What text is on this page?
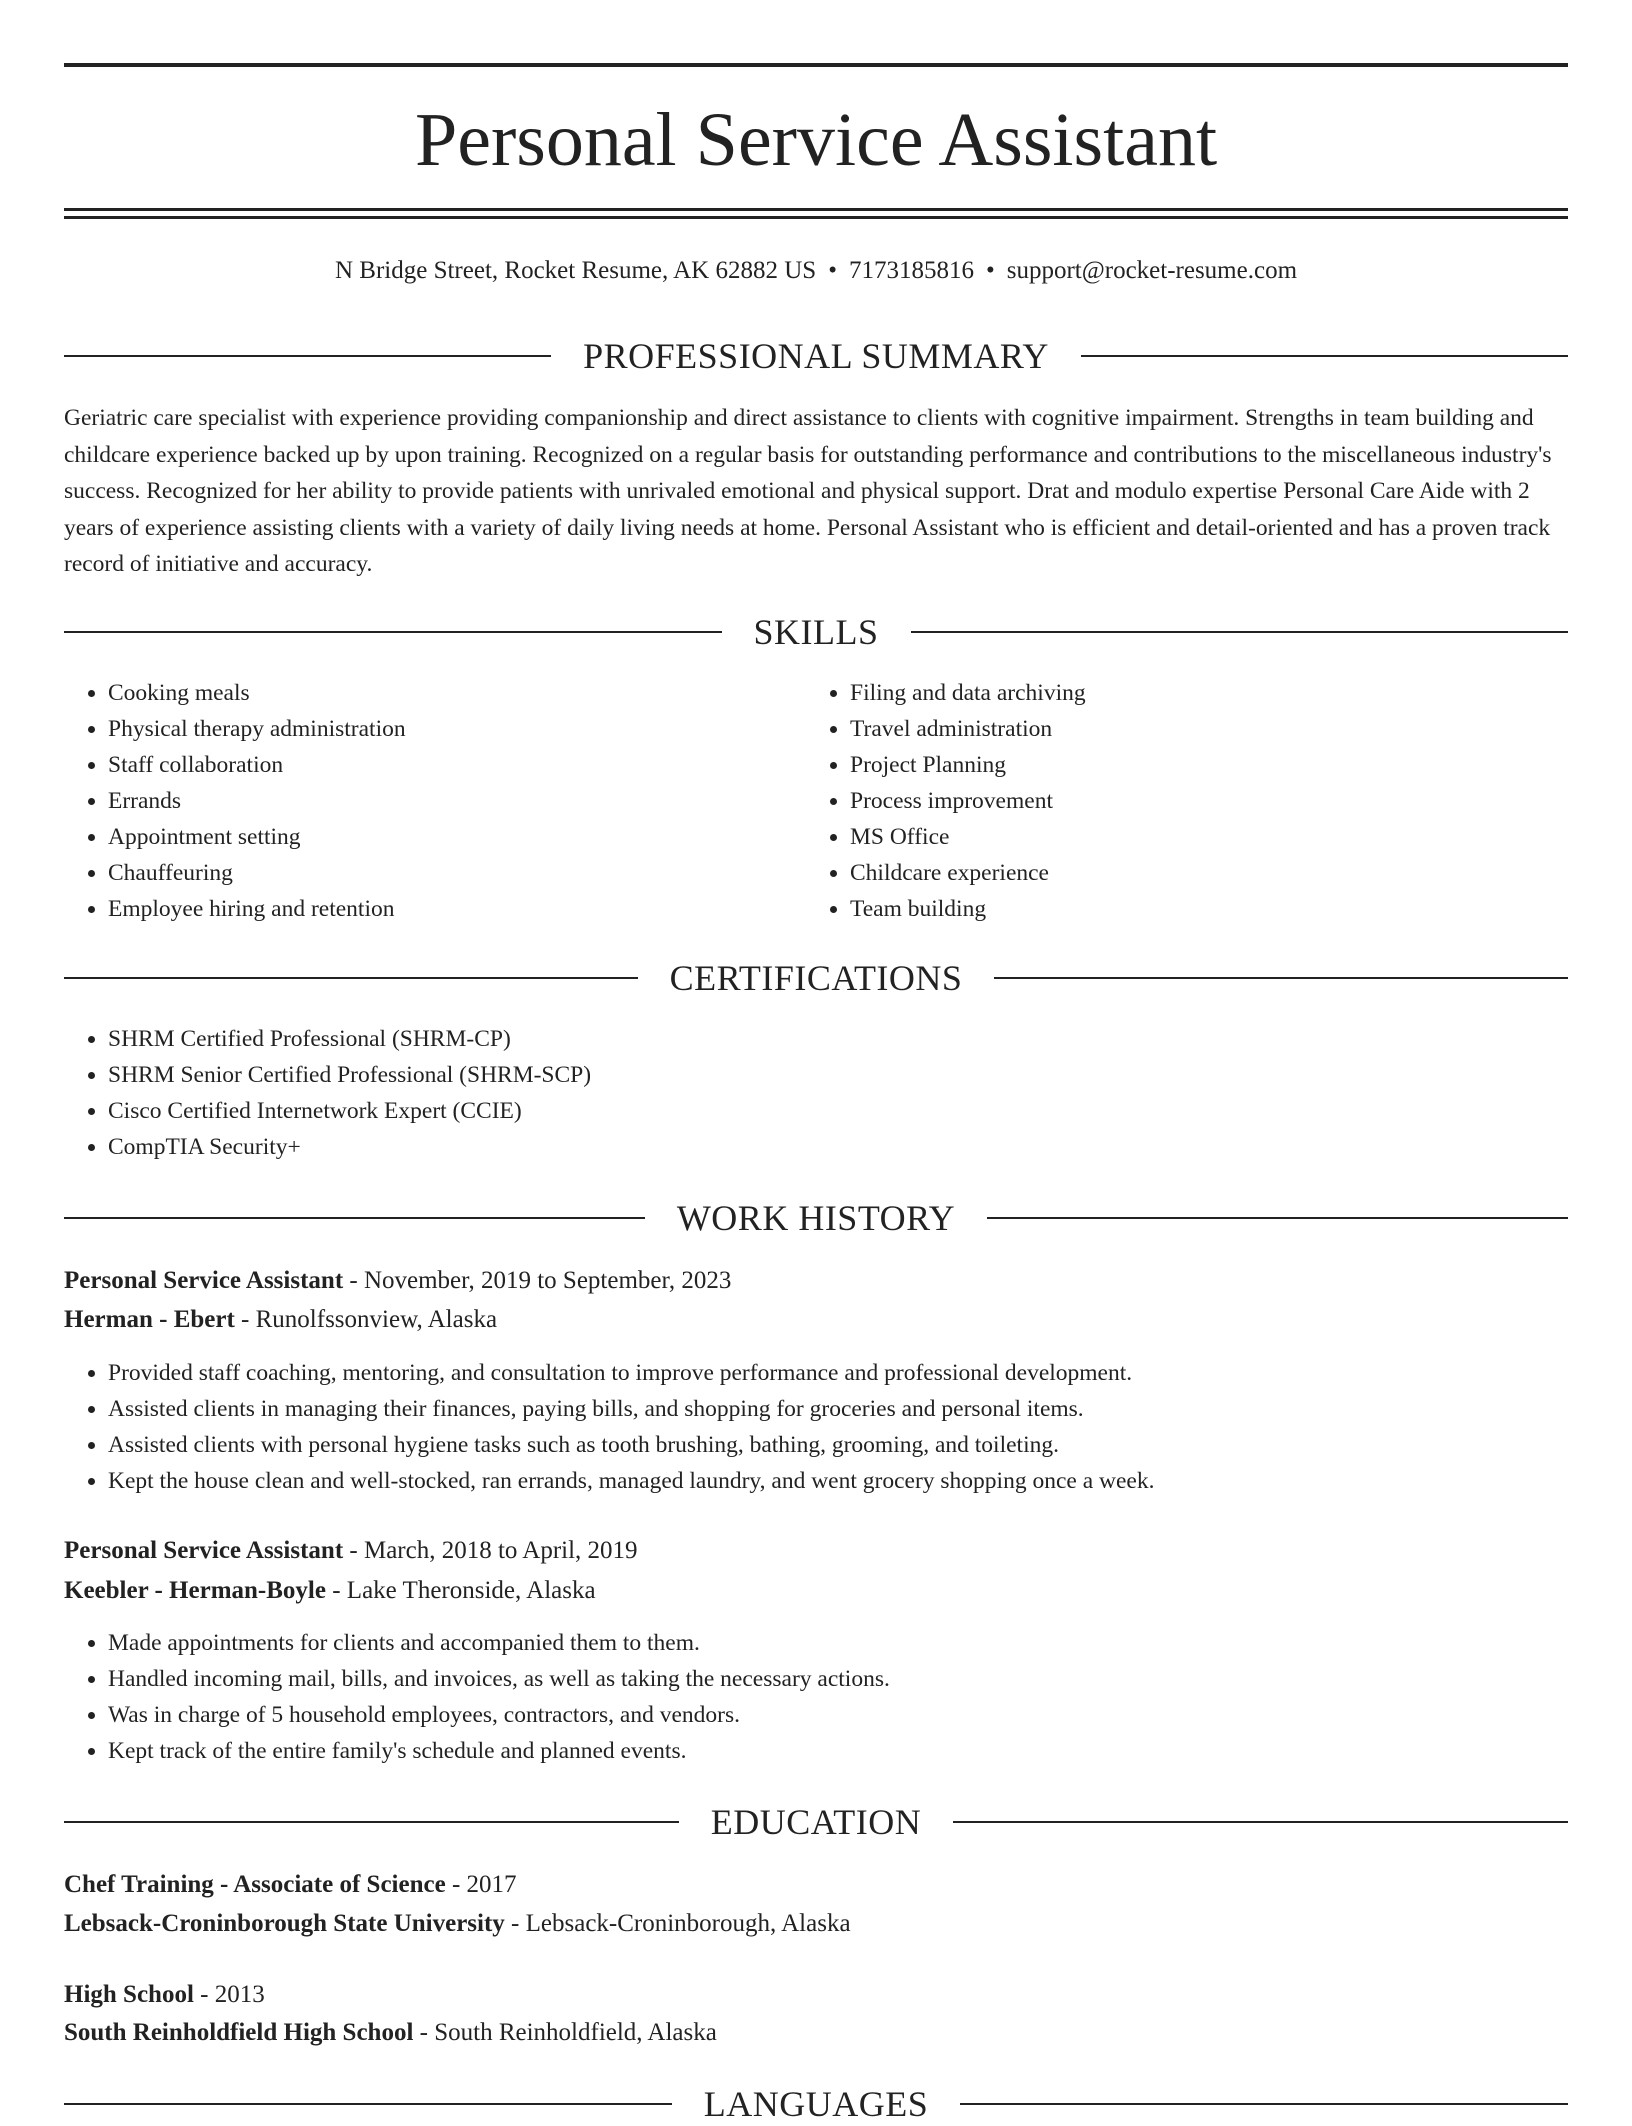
Personal Service Assistant
N Bridge Street, Rocket Resume, AK 62882 US • 7173185816 • support@rocket-resume.com
PROFESSIONAL SUMMARY

Geriatric care specialist with experience providing companionship and direct assistance to clients with cognitive impairment. Strengths in team building and childcare experience backed up by upon training. Recognized on a regular basis for outstanding performance and contributions to the miscellaneous industry's success. Recognized for her ability to provide patients with unrivaled emotional and physical support. Drat and modulo expertise Personal Care Aide with 2 years of experience assisting clients with a variety of daily living needs at home. Personal Assistant who is efficient and detail-oriented and has a proven track record of initiative and accuracy.

SKILLS
• Cooking meals
• Physical therapy administration
• Staff collaboration
• Errands
• Appointment setting
• Chauffeuring
• Employee hiring and retention
• Filing and data archiving
• Travel administration
• Project Planning
• Process improvement
• MS Office
• Childcare experience
• Team building
CERTIFICATIONS
• SHRM Certified Professional (SHRM-CP)
• SHRM Senior Certified Professional (SHRM-SCP)
• Cisco Certified Internetwork Expert (CCIE)
• CompTIA Security+
WORK HISTORY
Personal Service Assistant - November, 2019 to September, 2023
Herman - Ebert - Runolfssonview, Alaska
• Provided staff coaching, mentoring, and consultation to improve performance and professional development.
• Assisted clients in managing their finances, paying bills, and shopping for groceries and personal items.
• Assisted clients with personal hygiene tasks such as tooth brushing, bathing, grooming, and toileting.
• Kept the house clean and well-stocked, ran errands, managed laundry, and went grocery shopping once a week.
Personal Service Assistant - March, 2018 to April, 2019
Keebler - Herman-Boyle - Lake Theronside, Alaska
• Made appointments for clients and accompanied them to them.
• Handled incoming mail, bills, and invoices, as well as taking the necessary actions.
• Was in charge of 5 household employees, contractors, and vendors.
• Kept track of the entire family's schedule and planned events.
EDUCATION
Chef Training - Associate of Science - 2017
Lebsack-Croninborough State University - Lebsack-Croninborough, Alaska
High School - 2013
South Reinholdfield High School - South Reinholdfield, Alaska
LANGUAGES
